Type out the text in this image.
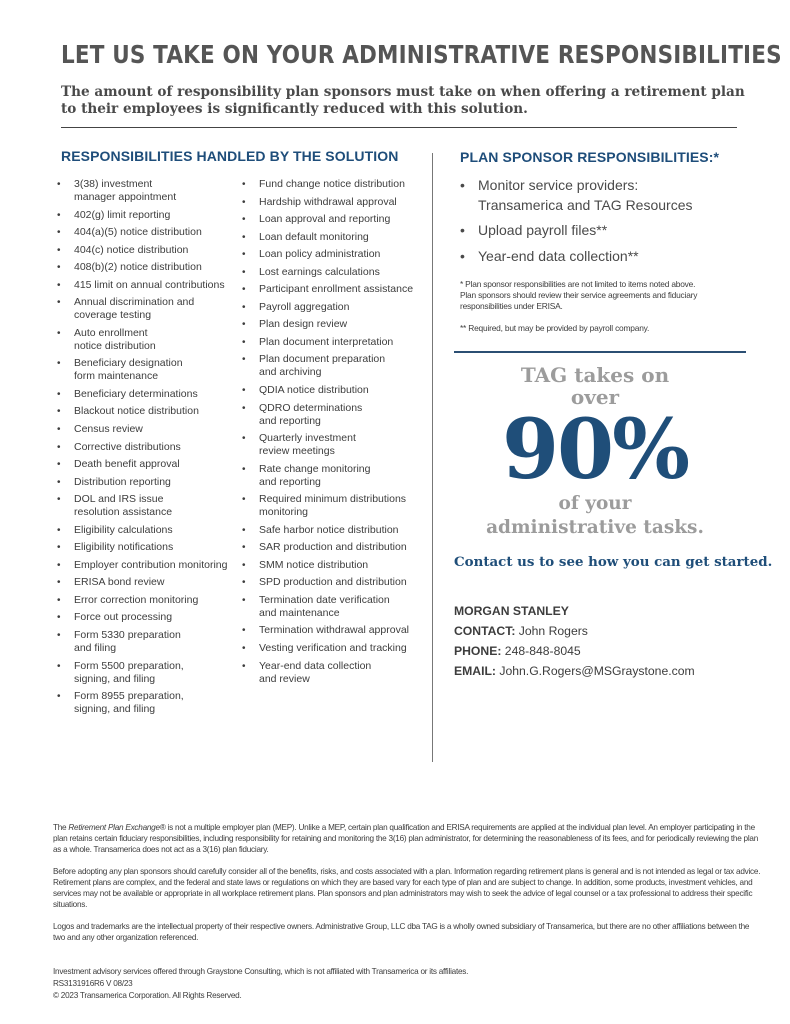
LET US TAKE ON YOUR ADMINISTRATIVE RESPONSIBILITIES

The amount of responsibility plan sponsors must take on when offering a retirement plan to their employees is significantly reduced with this solution.

RESPONSIBILITIES HANDLED BY THE SOLUTION
• 3(38) investment
manager appointment
• 402(g) limit reporting
• 404(a)(5) notice distribution
• 404(c) notice distribution
• 408(b)(2) notice distribution
• 415 limit on annual contributions
• Annual discrimination and
coverage testing
• Auto enrollment
notice distribution
• Beneficiary designation
form maintenance
• Beneficiary determinations
• Blackout notice distribution
• Census review
• Corrective distributions
• Death benefit approval
• Distribution reporting
• DOL and IRS issue
resolution assistance
• Eligibility calculations
• Eligibility notifications
• Employer contribution monitoring
• ERISA bond review
• Error correction monitoring
• Force out processing
• Form 5330 preparation
and filing
• Form 5500 preparation,
signing, and filing
• Form 8955 preparation,
signing, and filing
• Fund change notice distribution
• Hardship withdrawal approval
• Loan approval and reporting
• Loan default monitoring
• Loan policy administration
• Lost earnings calculations
• Participant enrollment assistance
• Payroll aggregation
• Plan design review
• Plan document interpretation
• Plan document preparation
and archiving
• QDIA notice distribution
• QDRO determinations
and reporting
• Quarterly investment
review meetings
• Rate change monitoring
and reporting
• Required minimum distributions
monitoring
• Safe harbor notice distribution
• SAR production and distribution
• SMM notice distribution
• SPD production and distribution
• Termination date verification
and maintenance
• Termination withdrawal approval
• Vesting verification and tracking
• Year-end data collection
and review
PLAN SPONSOR RESPONSIBILITIES:*
• Monitor service providers:
Transamerica and TAG Resources
• Upload payroll files**
• Year-end data collection**

* Plan sponsor responsibilities are not limited to items noted above. Plan sponsors should review their service agreements and fiduciary responsibilities under ERISA.

** Required, but may be provided by payroll company.

TAG takes on
over
90%
of your
administrative tasks.

Contact us to see how you can get started.

MORGAN STANLEY
CONTACT: John Rogers
PHONE: 248-848-8045
EMAIL: John.G.Rogers@MSGraystone.com

The Retirement Plan Exchange® is not a multiple employer plan (MEP). Unlike a MEP, certain plan qualification and ERISA requirements are applied at the individual plan level. An employer participating in the plan retains certain fiduciary responsibilities, including responsibility for retaining and monitoring the 3(16) plan administrator, for determining the reasonableness of its fees, and for periodically reviewing the plan as a whole. Transamerica does not act as a 3(16) plan fiduciary.

Before adopting any plan sponsors should carefully consider all of the benefits, risks, and costs associated with a plan. Information regarding retirement plans is general and is not intended as legal or tax advice. Retirement plans are complex, and the federal and state laws or regulations on which they are based vary for each type of plan and are subject to change. In addition, some products, investment vehicles, and services may not be available or appropriate in all workplace retirement plans. Plan sponsors and plan administrators may wish to seek the advice of legal counsel or a tax professional to address their specific situations.

Logos and trademarks are the intellectual property of their respective owners. Administrative Group, LLC dba TAG is a wholly owned subsidiary of Transamerica, but there are no other affiliations between the two and any other organization referenced.

Investment advisory services offered through Graystone Consulting, which is not affiliated with Transamerica or its affiliates.
RS3131916R6 V 08/23
© 2023 Transamerica Corporation. All Rights Reserved.
